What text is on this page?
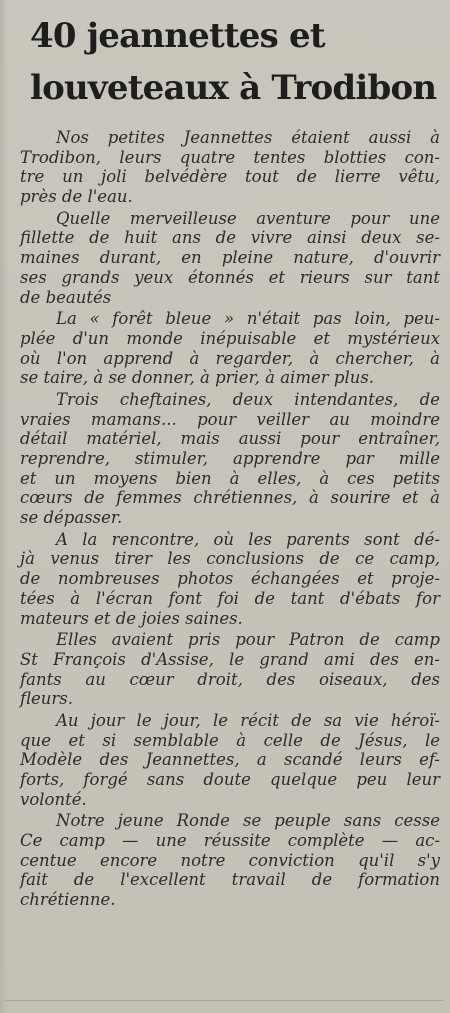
40 jeannettes et
louveteaux à Trodibon
Nos petites Jeannettes étaient aussi à
Trodibon, leurs quatre tentes blotties con-
tre un joli belvédère tout de lierre vêtu,
près de l'eau.
Quelle merveilleuse aventure pour une
fillette de huit ans de vivre ainsi deux se-
maines durant, en pleine nature, d'ouvrir
ses grands yeux étonnés et rieurs sur tant
de beautés
La « forêt bleue » n'était pas loin, peu-
plée d'un monde inépuisable et mystérieux
où l'on apprend à regarder, à chercher, à
se taire, à se donner, à prier, à aimer plus.
Trois cheftaines, deux intendantes, de
vraies mamans... pour veiller au moindre
détail matériel, mais aussi pour entraîner,
reprendre, stimuler, apprendre par mille
et un moyens bien à elles, à ces petits
cœurs de femmes chrétiennes, à sourire et à
se dépasser.
A la rencontre, où les parents sont dé-
jà venus tirer les conclusions de ce camp,
de nombreuses photos échangées et proje-
tées à l'écran font foi de tant d'ébats for
mateurs et de joies saines.
Elles avaient pris pour Patron de camp
St François d'Assise, le grand ami des en-
fants au cœur droit, des oiseaux, des
fleurs.
Au jour le jour, le récit de sa vie héroï-
que et si semblable à celle de Jésus, le
Modèle des Jeannettes, a scandé leurs ef-
forts, forgé sans doute quelque peu leur
volonté.
Notre jeune Ronde se peuple sans cesse
Ce camp — une réussite complète — ac-
centue encore notre conviction qu'il s'y
fait de l'excellent travail de formation
chrétienne.
